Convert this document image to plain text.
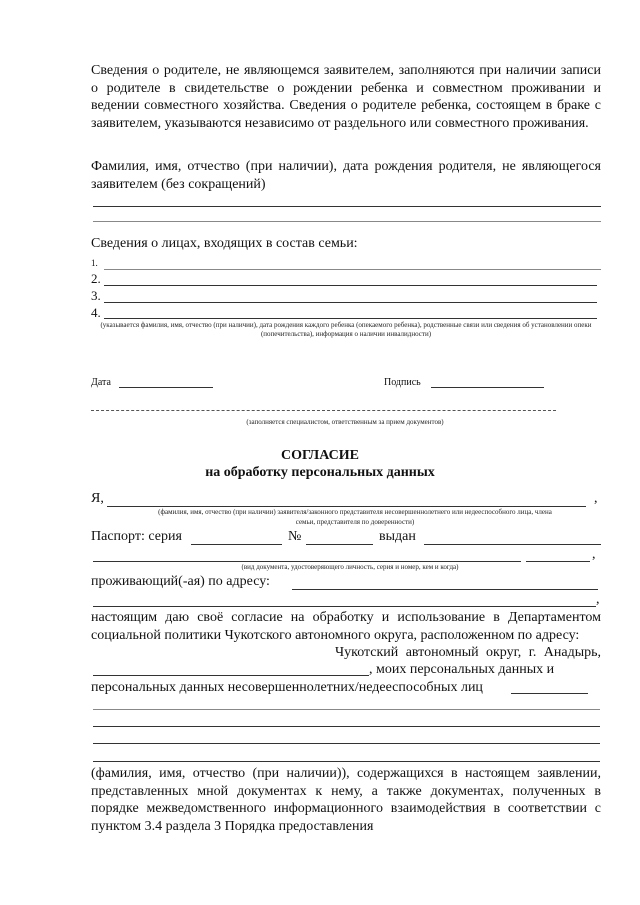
Сведения о родителе, не являющемся заявителем, заполняются при наличии записи о родителе в свидетельстве о рождении ребенка и совместном проживании и ведении совместного хозяйства. Сведения о родителе ребенка, состоящем в браке с заявителем, указываются независимо от раздельного или совместного проживания.
Фамилия, имя, отчество (при наличии), дата рождения родителя, не являющегося заявителем (без сокращений)
Сведения о лицах, входящих в состав семьи:
1.
2.
3.
4.
(указывается фамилия, имя, отчество (при наличии), дата рождения каждого ребенка (опекаемого ребенка), родственные связи или сведения об установлении опеки (попечительства), информация о наличии инвалидности)
Дата	Подпись
(заполняется специалистом, ответственным за прием документов)
СОГЛАСИЕ
на обработку персональных данных
Я,	,
(фамилия, имя, отчество (при наличии) заявителя/законного представителя несовершеннолетнего или недееспособного лица, члена
семьи, представителя по доверенности)
Паспорт: серия	№	выдан
,
(вид документа, удостоверяющего личность, серия и номер, кем и когда)
проживающий(-ая) по адресу:
,
настоящим даю своё согласие на обработку и использование в Департаментом социальной политики Чукотского автономного округа, расположенном по адресу:
Чукотский автономный округ, г. Анадырь,
, моих персональных данных и
персональных данных несовершеннолетних/недееспособных лиц
(фамилия, имя, отчество (при наличии)), содержащихся в настоящем заявлении, представленных мной документах к нему, а также документах, полученных в порядке межведомственного информационного взаимодействия в соответствии с пунктом 3.4 раздела 3 Порядка предоставления
